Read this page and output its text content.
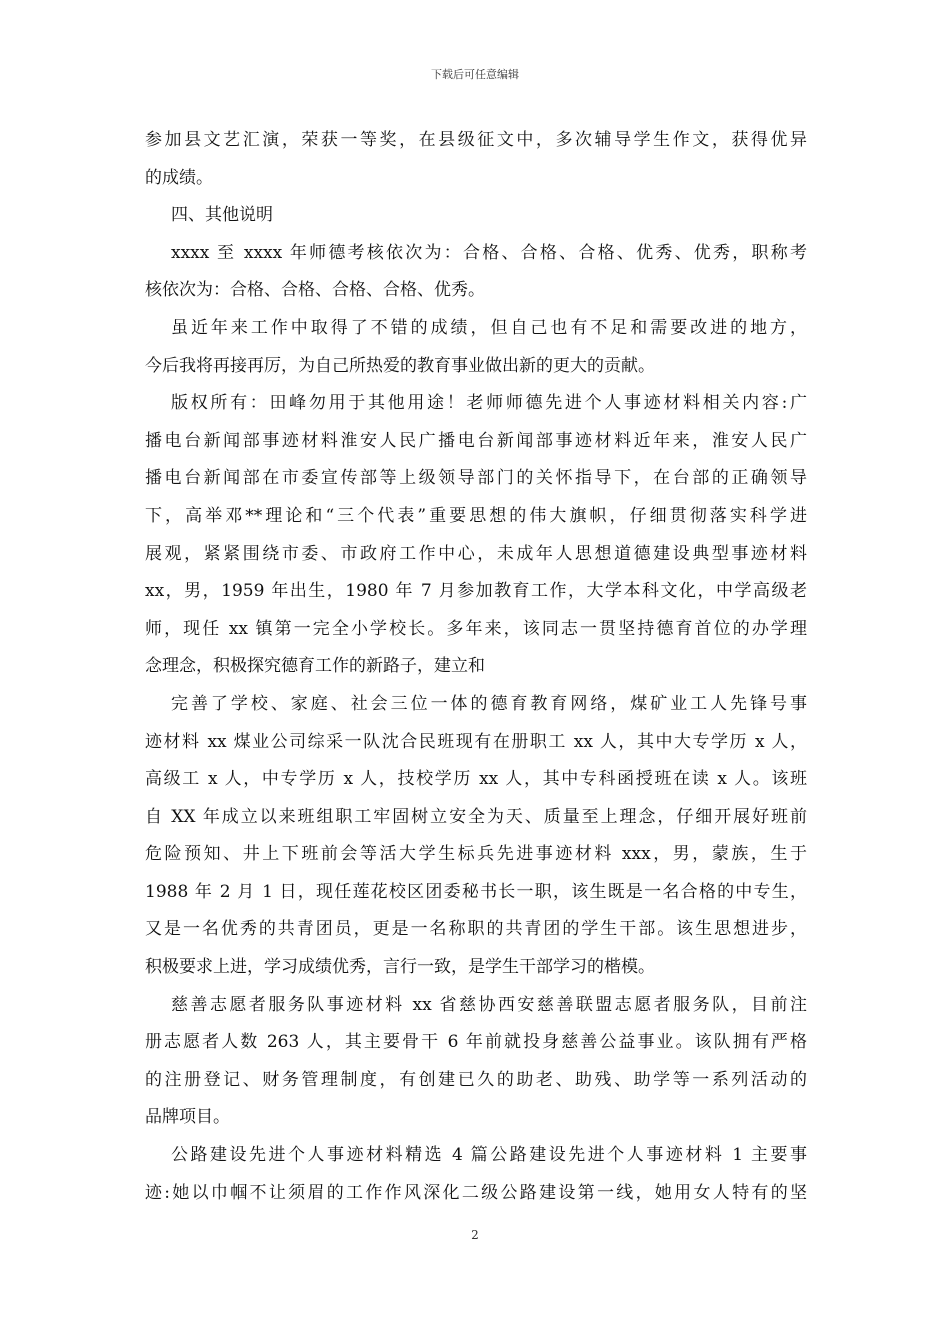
下载后可任意编辑
参加县文艺汇演，荣获一等奖，在县级征文中，多次辅导学生作文，获得优异
的成绩。
四、其他说明
xxxx 至 xxxx 年师德考核依次为：合格、合格、合格、优秀、优秀，职称考
核依次为：合格、合格、合格、合格、优秀。
虽近年来工作中取得了不错的成绩，但自己也有不足和需要改进的地方，
今后我将再接再厉，为自己所热爱的教育事业做出新的更大的贡献。
版权所有：田峰勿用于其他用途！老师师德先进个人事迹材料相关内容:广
播电台新闻部事迹材料淮安人民广播电台新闻部事迹材料近年来，淮安人民广
播电台新闻部在市委宣传部等上级领导部门的关怀指导下，在台部的正确领导
下，高举邓**理论和“三个代表”重要思想的伟大旗帜，仔细贯彻落实科学进
展观，紧紧围绕市委、市政府工作中心，未成年人思想道德建设典型事迹材料
xx，男，1959 年出生，1980 年 7 月参加教育工作，大学本科文化，中学高级老
师，现任 xx 镇第一完全小学校长。多年来，该同志一贯坚持德育首位的办学理
念理念，积极探究德育工作的新路子，建立和
完善了学校、家庭、社会三位一体的德育教育网络，煤矿业工人先锋号事
迹材料 xx 煤业公司综采一队沈合民班现有在册职工 xx 人，其中大专学历 x 人，
高级工 x 人，中专学历 x 人，技校学历 xx 人，其中专科函授班在读 x 人。该班
自 XX 年成立以来班组职工牢固树立安全为天、质量至上理念，仔细开展好班前
危险预知、井上下班前会等活大学生标兵先进事迹材料 xxx，男，蒙族，生于
1988 年 2 月 1 日，现任莲花校区团委秘书长一职，该生既是一名合格的中专生，
又是一名优秀的共青团员，更是一名称职的共青团的学生干部。该生思想进步，
积极要求上进，学习成绩优秀，言行一致，是学生干部学习的楷模。
慈善志愿者服务队事迹材料 xx 省慈协西安慈善联盟志愿者服务队，目前注
册志愿者人数 263 人，其主要骨干 6 年前就投身慈善公益事业。该队拥有严格
的注册登记、财务管理制度，有创建已久的助老、助残、助学等一系列活动的
品牌项目。
公路建设先进个人事迹材料精选 4 篇公路建设先进个人事迹材料 1 主要事
迹:她以巾帼不让须眉的工作作风深化二级公路建设第一线，她用女人特有的坚
2
